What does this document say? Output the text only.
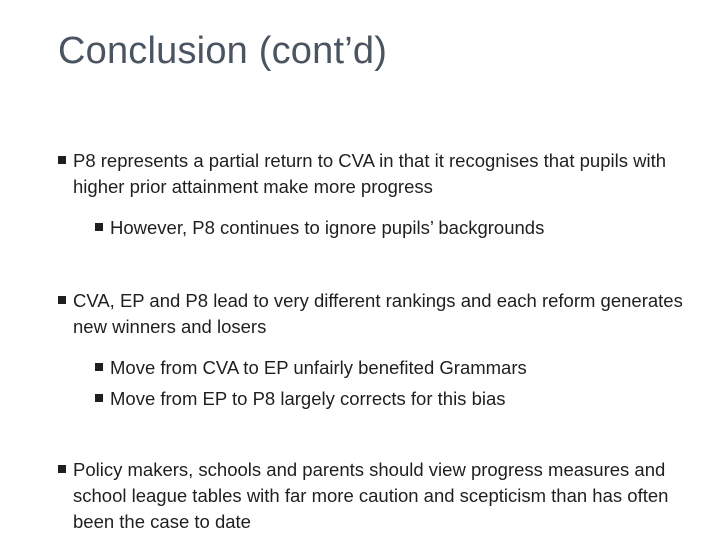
Conclusion (cont’d)
P8 represents a partial return to CVA in that it recognises that pupils with higher prior attainment make more progress
However, P8 continues to ignore pupils’ backgrounds
CVA, EP and P8 lead to very different rankings and each reform generates new winners and losers
Move from CVA to EP unfairly benefited Grammars
Move from EP to P8 largely corrects for this bias
Policy makers, schools and parents should view progress measures and school league tables with far more caution and scepticism than has often been the case to date
